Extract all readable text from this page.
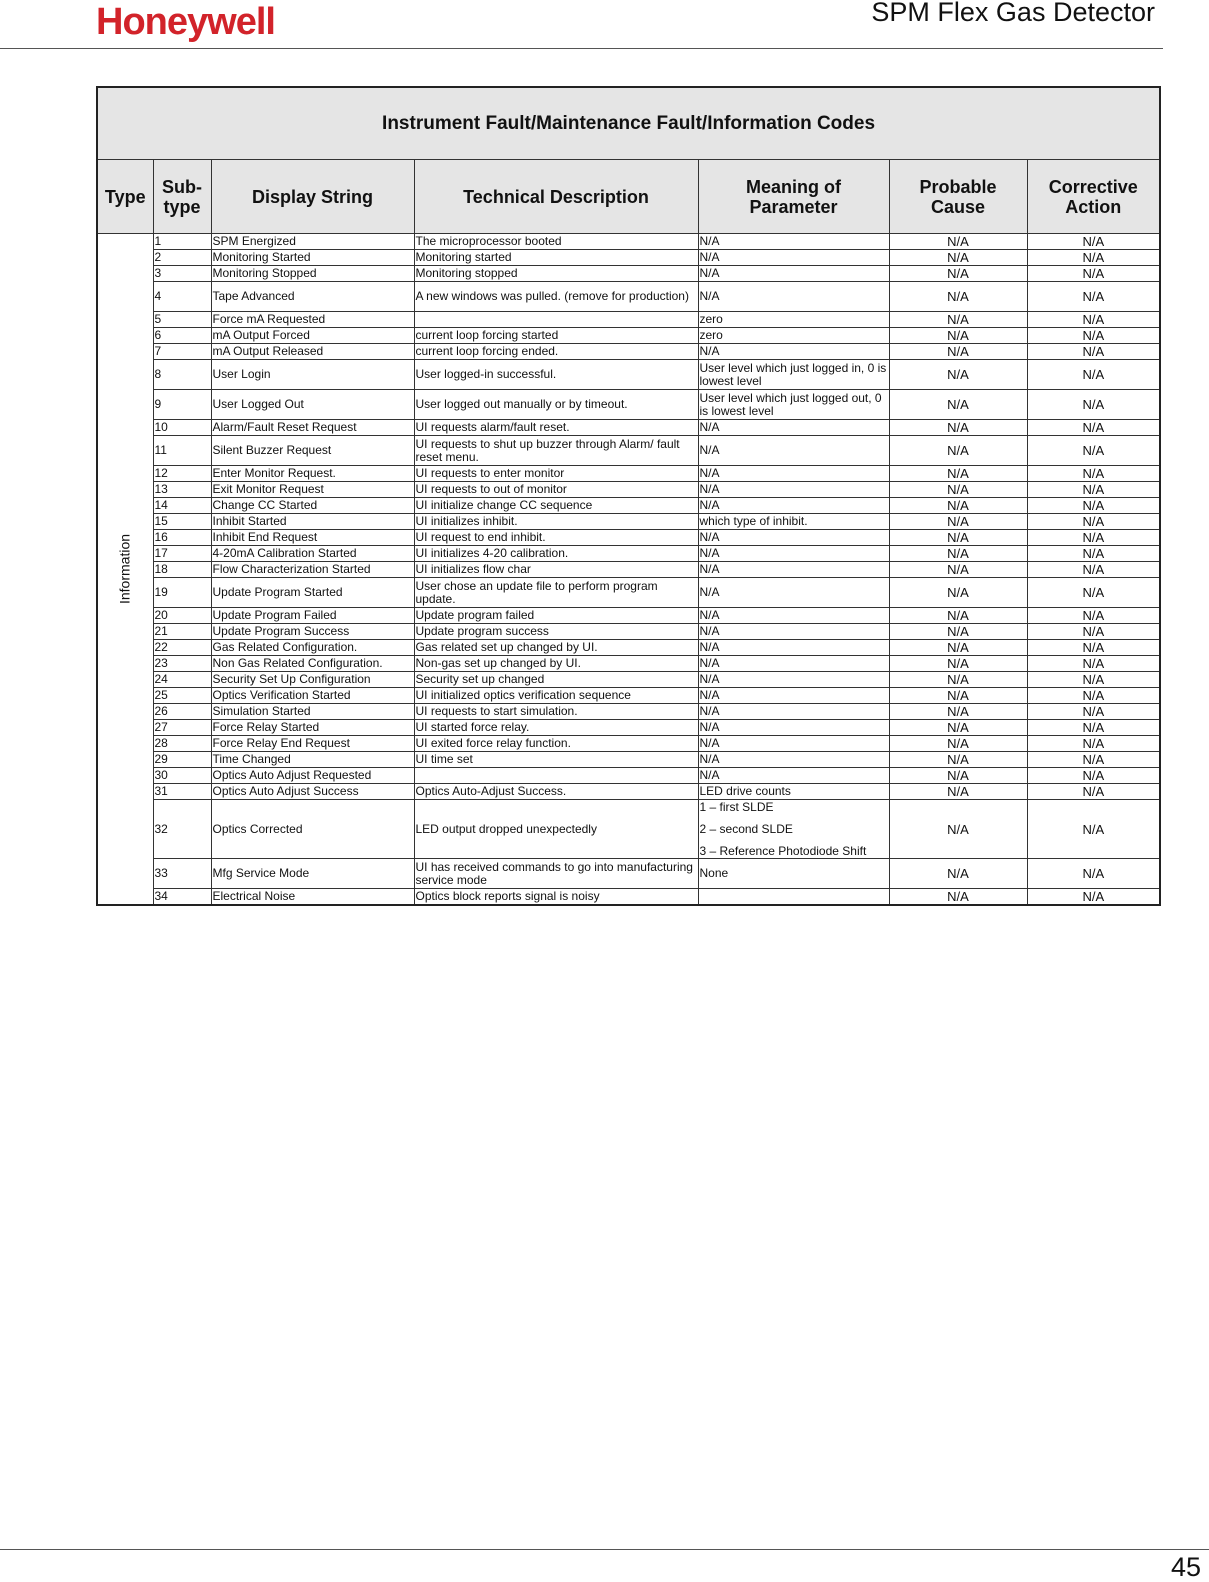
Honeywell	SPM Flex Gas Detector
Instrument Fault/Maintenance Fault/Information Codes						
Type	Sub-type	Display String	Technical Description	Meaning of Parameter	Probable Cause	Corrective Action

Information	1	SPM Energized	The microprocessor booted	N/A	N/A	N/A
	2	Monitoring Started	Monitoring started	N/A	N/A	N/A
	3	Monitoring Stopped	Monitoring stopped	N/A	N/A	N/A
	4	Tape Advanced	A new windows was pulled. (remove for production)	N/A	N/A	N/A
	5	Force mA Requested		zero	N/A	N/A
	6	mA Output Forced	current loop forcing started	zero	N/A	N/A
	7	mA Output Released	current loop forcing ended.	N/A	N/A	N/A
	8	User Login	User logged-in successful.	User level which just logged in, 0 is lowest level	N/A	N/A
	9	User Logged Out	User logged out manually or by timeout.	User level which just logged out, 0 is lowest level	N/A	N/A
	10	Alarm/Fault Reset Request	UI requests alarm/fault reset.	N/A	N/A	N/A
	11	Silent Buzzer Request	UI requests to shut up buzzer through Alarm/ fault reset menu.	N/A	N/A	N/A
	12	Enter Monitor Request.	UI requests to enter monitor	N/A	N/A	N/A
	13	Exit Monitor Request	UI requests to out of monitor	N/A	N/A	N/A
	14	Change CC Started	UI initialize change CC sequence	N/A	N/A	N/A
	15	Inhibit Started	UI initializes inhibit.	which type of inhibit.	N/A	N/A
	16	Inhibit End Request	UI request to end inhibit.	N/A	N/A	N/A
	17	4-20mA Calibration Started	UI initializes 4-20 calibration.	N/A	N/A	N/A
	18	Flow Characterization Started	UI initializes flow char	N/A	N/A	N/A
	19	Update Program Started	User chose an update file to perform program update.	N/A	N/A	N/A
	20	Update Program Failed	Update program failed	N/A	N/A	N/A
	21	Update Program Success	Update program success	N/A	N/A	N/A
	22	Gas Related Configuration.	Gas related set up changed by UI.	N/A	N/A	N/A
	23	Non Gas Related Configuration.	Non-gas set up changed by UI.	N/A	N/A	N/A
	24	Security Set Up Configuration	Security set up changed	N/A	N/A	N/A
	25	Optics Verification Started	UI initialized optics verification sequence	N/A	N/A	N/A
	26	Simulation Started	UI requests to start simulation.	N/A	N/A	N/A
	27	Force Relay Started	UI started force relay.	N/A	N/A	N/A
	28	Force Relay End Request	UI exited force relay function.	N/A	N/A	N/A
	29	Time Changed	UI time set	N/A	N/A	N/A
	30	Optics Auto Adjust Requested		N/A	N/A	N/A
	31	Optics Auto Adjust Success	Optics Auto-Adjust Success.	LED drive counts	N/A	N/A
	32	Optics Corrected	LED output dropped unexpectedly	1 – first SLDE
2 – second SLDE
3 – Reference Photodiode Shift	N/A	N/A
	33	Mfg Service Mode	UI has received commands to go into manufacturing service mode	None	N/A	N/A
	34	Electrical Noise	Optics block reports signal is noisy		N/A	N/A
45
